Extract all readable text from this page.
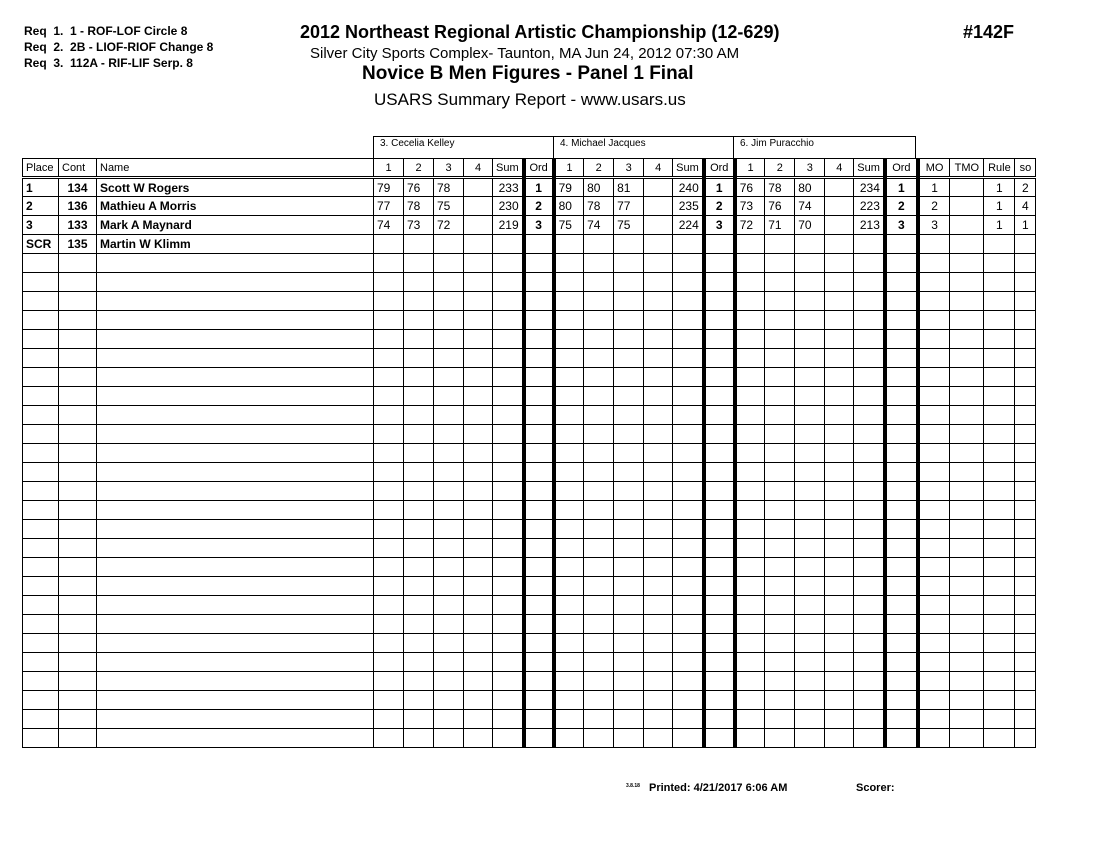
Req  1.  1 - ROF-LOF Circle 8
Req  2.  2B - LIOF-RIOF Change 8
Req  3.  112A - RIF-LIF Serp. 8
2012 Northeast Regional Artistic Championship (12-629)
Silver City Sports Complex- Taunton, MA Jun 24, 2012 07:30 AM
Novice B Men Figures - Panel 1 Final
USARS Summary Report - www.usars.us
#142F
3. Cecelia Kelley	4. Michael Jacques	6. Jim Puracchio
Place	Cont	Name	1	2	3	4	Sum	Ord	1	2	3	4	Sum	Ord	1	2	3	4	Sum	Ord	MO	TMO	Rule	so
1	134	Scott W Rogers	79	76	78		233	1	79	80	81		240	1	76	78	80		234	1	1		1	2
2	136	Mathieu A Morris	77	78	75		230	2	80	78	77		235	2	73	76	74		223	2	2		1	4
3	133	Mark A Maynard	74	73	72		219	3	75	74	75		224	3	72	71	70		213	3	3		1	1
SCR	135	Martin W Klimm																						

3.8.18 Printed: 4/21/2017 6:06 AM	Scorer:
